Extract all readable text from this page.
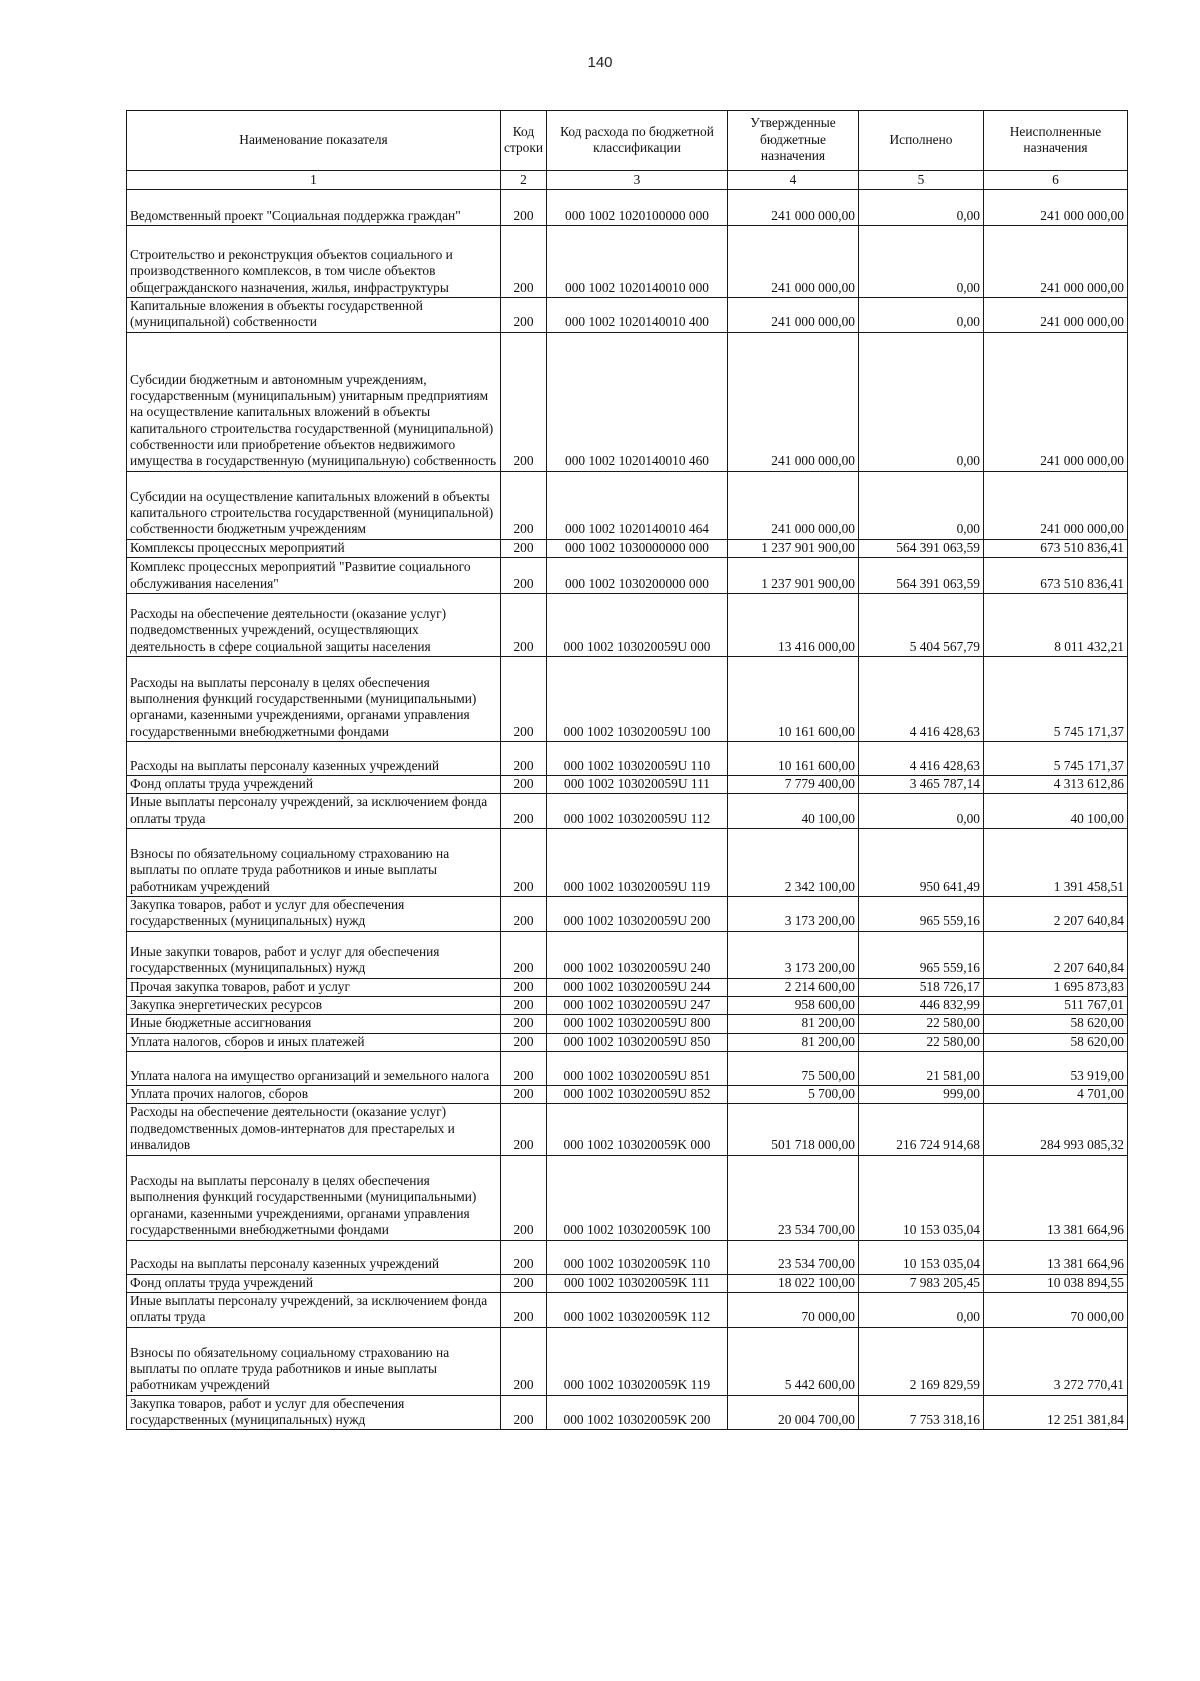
140
Наименование показателя	Код строки	Код расхода по бюджетной классификации	Утвержденные бюджетные назначения	Исполнено	Неисполненные назначения
1	2	3	4	5	6
Ведомственный проект "Социальная поддержка граждан"	200	000 1002 1020100000 000	241 000 000,00	0,00	241 000 000,00
Строительство и реконструкция объектов социального и производственного комплексов, в том числе объектов общегражданского назначения, жилья, инфраструктуры	200	000 1002 1020140010 000	241 000 000,00	0,00	241 000 000,00
Капитальные вложения в объекты государственной (муниципальной) собственности	200	000 1002 1020140010 400	241 000 000,00	0,00	241 000 000,00
Субсидии бюджетным и автономным учреждениям, государственным (муниципальным) унитарным предприятиям на осуществление капитальных вложений в объекты капитального строительства государственной (муниципальной) собственности или приобретение объектов недвижимого имущества в государственную (муниципальную) собственность	200	000 1002 1020140010 460	241 000 000,00	0,00	241 000 000,00
Субсидии на осуществление капитальных вложений в объекты капитального строительства государственной (муниципальной) собственности бюджетным учреждениям	200	000 1002 1020140010 464	241 000 000,00	0,00	241 000 000,00
Комплексы процессных мероприятий	200	000 1002 1030000000 000	1 237 901 900,00	564 391 063,59	673 510 836,41
Комплекс процессных мероприятий "Развитие социального обслуживания населения"	200	000 1002 1030200000 000	1 237 901 900,00	564 391 063,59	673 510 836,41
Расходы на обеспечение деятельности (оказание услуг) подведомственных учреждений, осуществляющих деятельность в сфере социальной защиты населения	200	000 1002 103020059U 000	13 416 000,00	5 404 567,79	8 011 432,21
Расходы на выплаты персоналу в целях обеспечения выполнения функций государственными (муниципальными) органами, казенными учреждениями, органами управления государственными внебюджетными фондами	200	000 1002 103020059U 100	10 161 600,00	4 416 428,63	5 745 171,37
Расходы на выплаты персоналу казенных учреждений	200	000 1002 103020059U 110	10 161 600,00	4 416 428,63	5 745 171,37
Фонд оплаты труда учреждений	200	000 1002 103020059U 111	7 779 400,00	3 465 787,14	4 313 612,86
Иные выплаты персоналу учреждений, за исключением фонда оплаты труда	200	000 1002 103020059U 112	40 100,00	0,00	40 100,00
Взносы по обязательному социальному страхованию на выплаты по оплате труда работников и иные выплаты работникам учреждений	200	000 1002 103020059U 119	2 342 100,00	950 641,49	1 391 458,51
Закупка товаров, работ и услуг для обеспечения государственных (муниципальных) нужд	200	000 1002 103020059U 200	3 173 200,00	965 559,16	2 207 640,84
Иные закупки товаров, работ и услуг для обеспечения государственных (муниципальных) нужд	200	000 1002 103020059U 240	3 173 200,00	965 559,16	2 207 640,84
Прочая закупка товаров, работ и услуг	200	000 1002 103020059U 244	2 214 600,00	518 726,17	1 695 873,83
Закупка энергетических ресурсов	200	000 1002 103020059U 247	958 600,00	446 832,99	511 767,01
Иные бюджетные ассигнования	200	000 1002 103020059U 800	81 200,00	22 580,00	58 620,00
Уплата налогов, сборов и иных платежей	200	000 1002 103020059U 850	81 200,00	22 580,00	58 620,00
Уплата налога на имущество организаций и земельного налога	200	000 1002 103020059U 851	75 500,00	21 581,00	53 919,00
Уплата прочих налогов, сборов	200	000 1002 103020059U 852	5 700,00	999,00	4 701,00
Расходы на обеспечение деятельности (оказание услуг) подведомственных домов-интернатов для престарелых и инвалидов	200	000 1002 103020059K 000	501 718 000,00	216 724 914,68	284 993 085,32
Расходы на выплаты персоналу в целях обеспечения выполнения функций государственными (муниципальными) органами, казенными учреждениями, органами управления государственными внебюджетными фондами	200	000 1002 103020059K 100	23 534 700,00	10 153 035,04	13 381 664,96
Расходы на выплаты персоналу казенных учреждений	200	000 1002 103020059K 110	23 534 700,00	10 153 035,04	13 381 664,96
Фонд оплаты труда учреждений	200	000 1002 103020059K 111	18 022 100,00	7 983 205,45	10 038 894,55
Иные выплаты персоналу учреждений, за исключением фонда оплаты труда	200	000 1002 103020059K 112	70 000,00	0,00	70 000,00
Взносы по обязательному социальному страхованию на выплаты по оплате труда работников и иные выплаты работникам учреждений	200	000 1002 103020059K 119	5 442 600,00	2 169 829,59	3 272 770,41
Закупка товаров, работ и услуг для обеспечения государственных (муниципальных) нужд	200	000 1002 103020059K 200	20 004 700,00	7 753 318,16	12 251 381,84
